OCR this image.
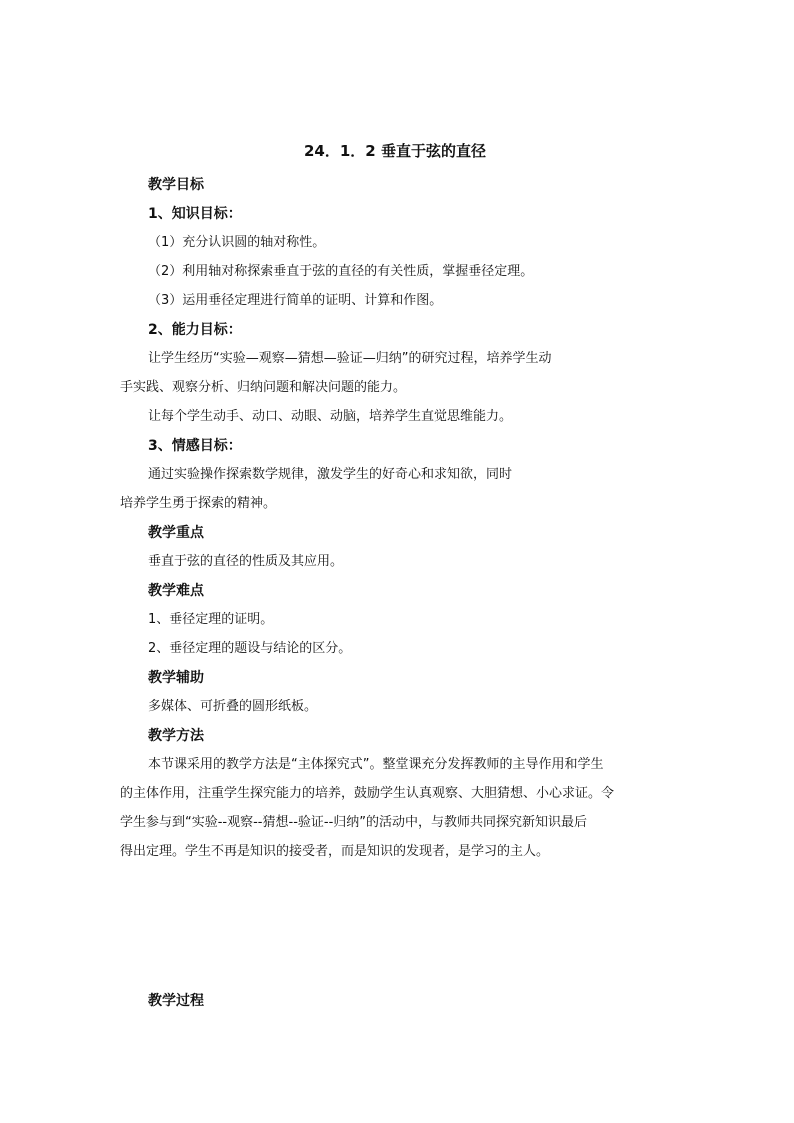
24．1．2 垂直于弦的直径
教学目标
1、知识目标：
（1）充分认识圆的轴对称性。
（2）利用轴对称探索垂直于弦的直径的有关性质，掌握垂径定理。
（3）运用垂径定理进行简单的证明、计算和作图。
2、能力目标：
让学生经历“实验—观察—猜想—验证—归纳”的研究过程，培养学生动
手实践、观察分析、归纳问题和解决问题的能力。
让每个学生动手、动口、动眼、动脑，培养学生直觉思维能力。
3、情感目标：
通过实验操作探索数学规律，激发学生的好奇心和求知欲，同时
培养学生勇于探索的精神。
教学重点
垂直于弦的直径的性质及其应用。
教学难点
1、垂径定理的证明。
2、垂径定理的题设与结论的区分。
教学辅助
多媒体、可折叠的圆形纸板。
教学方法
本节课采用的教学方法是“主体探究式”。整堂课充分发挥教师的主导作用和学生
的主体作用，注重学生探究能力的培养，鼓励学生认真观察、大胆猜想、小心求证。令
学生参与到“实验--观察--猜想--验证--归纳”的活动中，与教师共同探究新知识最后
得出定理。学生不再是知识的接受者，而是知识的发现者，是学习的主人。
教学过程
